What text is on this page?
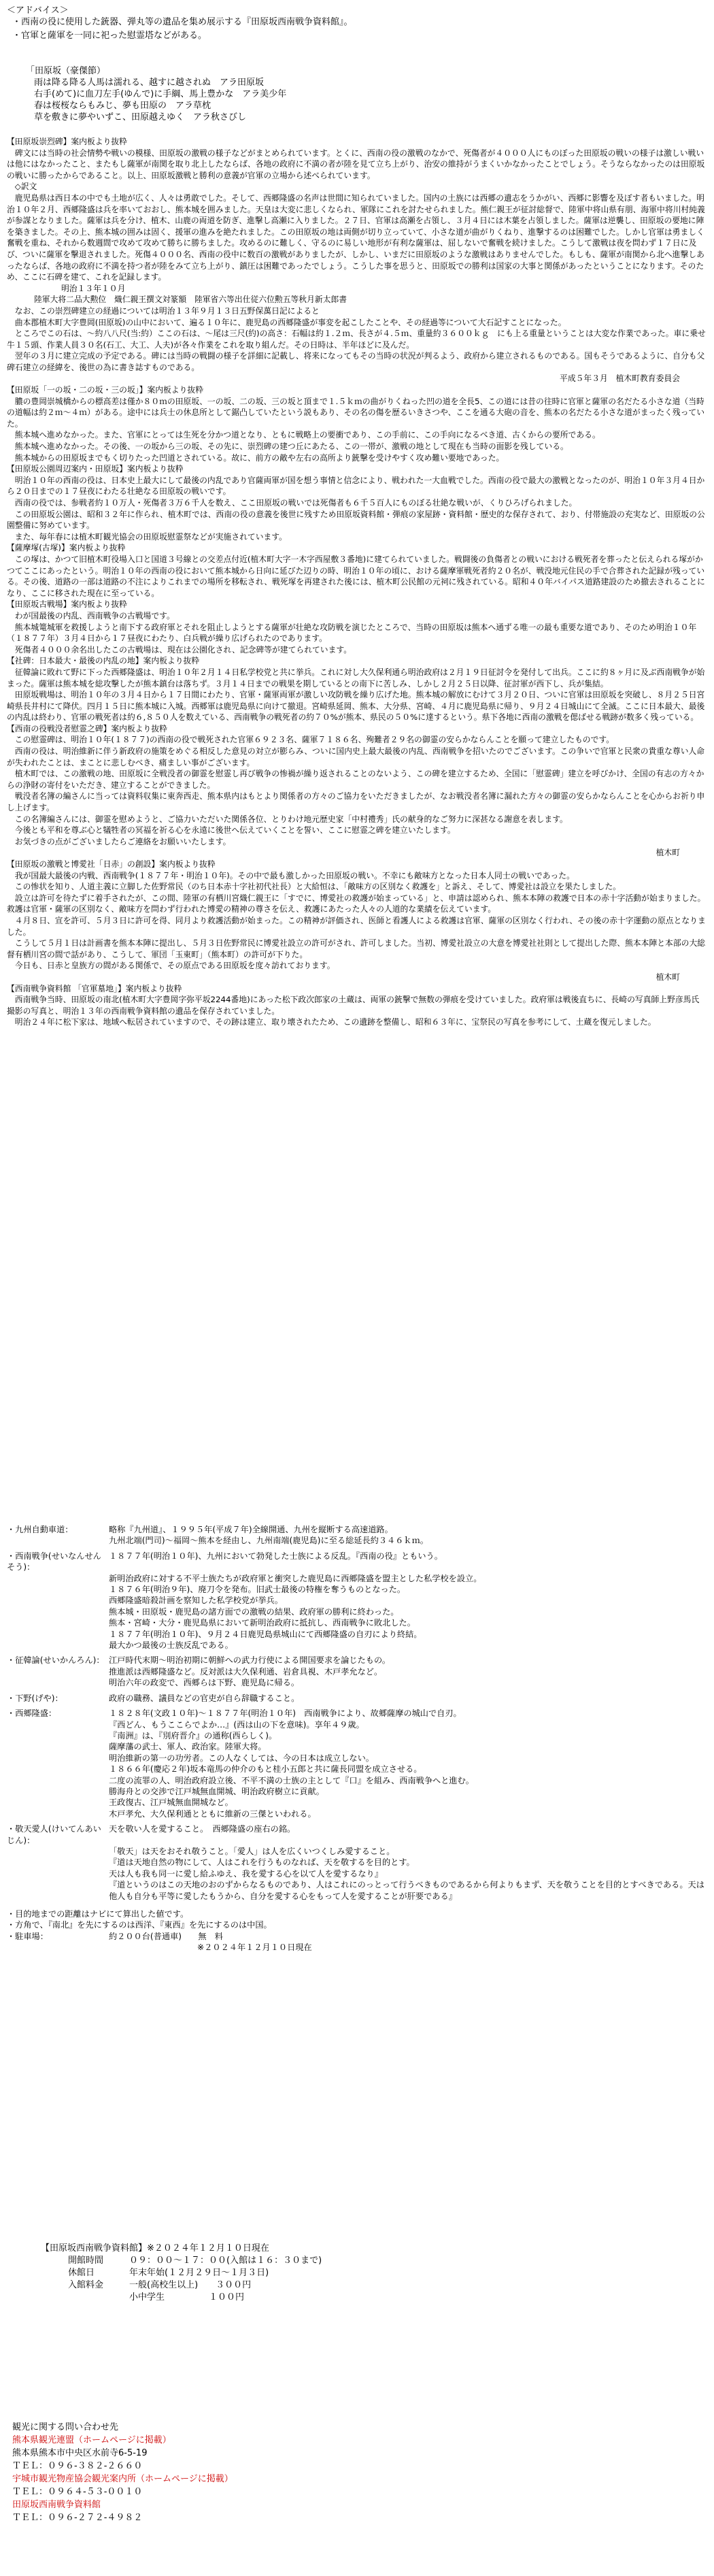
＜アドバイス＞
・西南の役に使用した銃器、弾丸等の遺品を集め展示する『田原坂西南戦争資料館』。
・官軍と薩軍を一同に祀った慰霊塔などがある。
「田原坂（豪傑節）
雨は降る降る人馬は濡れる、越すに越されぬ　アラ田原坂
右手(めて)に血刀左手(ゆんで)に手綱、馬上豊かな　アラ美少年
春は桜桜ならもみじ、夢も田原の　アラ草枕
草を敷きに夢やいずこ、田原越えゆく　アラ秋さびし
【田原坂崇烈碑】案内板より抜粋

碑文には当時の社会情勢や戦いの模様、田原坂の激戦の様子などがまとめられています。とくに、西南の役の激戦のなかで、死傷者が４０００人にものぼった田原坂の戦いの様子は激しい戦いは他にはなかったこと、またもし薩軍が南関を取り北上したならば、各地の政府に不満の者が陸を見て立ち上がり、治安の維持がうまくいかなかったことでしょう。そうならなかったのは田原坂の戦いに勝ったからであること。以上、田原坂激戦と勝利の意義が官軍の立場から述べられています。

◇訳文

鹿児島県は西日本の中でも土地が広く、人々は勇敢でした。そして、西郷隆盛の名声は世間に知られていました。国内の土族には西郷の遺志をうかがい、西郷に影響を及ぼす者もいました。明治１０年２月、西郷隆盛は兵を率いておおし、熊本城を囲みました。天皇は大変に悲しくなられ、軍隊にこれを討たせられました。熊仁親王が征討総督で、陸軍中将山県有朋、海軍中将川村純義が参謀となりました。薩軍は兵を分け、植木、山鹿の両道を防ぎ、進撃し高瀬に入りました。２７日、官軍は高瀬を占領し、３月４日には木葉を占領しました。薩軍は逆襲し、田原坂の要地に陣を築きました。その上、熊本城の囲みは固く、援軍の進みを絶たれました。この田原坂の地は両側が切り立っていて、小さな道が曲がりくねり、進撃するのは困難でした。しかし官軍は勇ましく奮戦を重ね、それから数週間で攻めて攻めて勝ちに勝ちました。攻めるのに難しく、守るのに易しい地形が有利な薩軍は、屈しないで奮戦を続けました。こうして激戦は夜を問わず１７日に及び、ついに薩軍を撃退されました。死傷４０００名、西南の役中に数百の激戦がありましたが、しかし、いまだに田原坂のような激戦はありませんでした。もしも、薩軍が南関から北へ進撃しあったならば、各地の政府に不満を持つ者が陸をみて立ち上がり、鎮圧は困難であったでしょう。こうした事を思うと、田原坂での勝利は国家の大事と関係があったということになります。そのため、ここに石碑を建て、これを記録します。

明治１３年１０月

陸軍大将二品大勲位　熾仁親王撰文対篆額　陸軍省六等出仕従六位勲五等秋月新太郎書

なお、この崇烈碑建立の経過については明治１３年９月１３日五野保萬日記によると

曲本郡植木町大字豊岡(田原坂)の山中において、遍る１０年に、鹿児島の西郷隆盛が事変を起こしたことや、その経過等について大石記すことになった。

ところでこの石は、〜約八八尺(当:約）ここの石は、〜尾は三尺(約)の高さ：石幅は約１.２ｍ、長さが４.５ｍ、重量約３６００ｋｇ　にも上る重量ということは大変な作業であった。車に乗せ牛１５頭、作業人員３０名(石工、大工、人夫)が各々作業をこれを取り組んだ。その日時は、半年ほどに及んだ。

翌年の３月に建立完成の予定である。碑には当時の戦闘の様子を詳細に記載し、将来になってもその当時の状況が判るよう、政府から建立されるものである。国もそうであるように、自分も父碑石建立の経緯を、後世の為に書き誌すものである。

平成５年３月　植木町教育委員会

【田原坂「一の坂・二の坂・三の坂」】案内板より抜粋

膿の豊岡崇城橋からの標高差は僅か８０ｍの田原坂、一の坂、二の坂、三の坂と頂まで１.５ｋｍの曲がりくねった凹の道を全長5、この道には昔の往時に官軍と薩軍の名だたる小さな道（当時の道幅は約２ｍ〜４ｍ）がある。途中には兵士の休息所として鋸凸していたという説もあり、その名の傷を歴るいきさつや、ここを通る大砲の音を、熊本の名だたる小さな道がまったく残っていた。

熊本城へ進めなかった。また、官軍にとっては生死を分かつ道となり、ともに戦略上の要衝であり、この手前に、この手向になるべき道、古くからの要所である。

熊本城へ進めなかった。その後、一の坂から三の坂、その先に、崇烈碑の建つ丘にあたる、この一帯が、激戦の地として現在も当時の面影を残している。

熊本城からの田原坂までもく切りたった凹道とされている。故に、前方の敵や左右の高所より銃撃を受けやすく攻め難い要地であった。

【田原坂公園周辺案内・田原坂】案内板より抜粋

明治１０年の西南の役は、日本史上最大にして最後の内乱であり官薩両軍が国を想う事情と信念により、戦われた一大血戦でした。西南の役で最大の激戦となったのが、明治１０年３月４日から２０日までの１７昼夜にわたる壮絶なる田原坂の戦いです。

西南の役では、参戦者約１０万人・死傷者３万６千人を数え、ここ田原坂の戦いでは死傷者も６千５百人にものぼる壮絶な戦いが、くりひろげられました。

この田原坂公園は、昭和３２年に作られ、植木町では、西南の役の意義を後世に残すため田原坂資料館・弾痕の家屋跡・資料館・歴史的な保存されて、おり、付帯施設の充実など、田原坂の公園整備に努めています。

また、毎年春には植木町観光協会の田原坂慰霊祭などが実施されています。

【薩摩塚(古塚)】案内板より抜粋

この塚は、かつて旧植木町役場入口と国道３号線との交差点付近(植木町大字一木字西屋敷３番地)に建てられていました。戦闘後の負傷者との戦いにおける戦死者を葬ったと伝えられる塚がかつてここにあったという。明治１０年の西南の役において熊本城から日向に延びた辺りの時、明治１０年の頃に、おける薩摩軍戦死者約２０名が、戦没地元住民の手で合葬された記録が残っている。その後、道路の一部は道路の不注によりこれまでの場所を移転され、戦死塚を再建された後には、植木町公民館の元祠に残されている。昭和４０年バイパス道路建設のため撤去されることになり、ここに移された現在に至っている。

【田原坂古戦場】案内板より抜粋

わが国最後の内乱、西南戦争の古戦場です。

熊本城篭城軍を救援しようと南下する政府軍とそれを阻止しようとする薩軍が壮絶な攻防戦を演じたところで、当時の田原坂は熊本へ通ずる唯一の最も重要な道であり、そのため明治１０年（１８７７年）３月４日から１７昼夜にわたり、白兵戦が繰り広げられたのであります。

死傷者４０００余名出したこの古戦場は、現在は公園化され、記念碑等が建てられています。

【社碑：日本最大・最後の内乱の地】案内板より抜粋

征韓論に敗れて野に下った西郷隆盛は、明治１０年２月１４日私学校党と共に挙兵。これに対し大久保利通ら明治政府は２月１９日征討令を発付して出兵。ここに約８ヶ月に及ぶ西南戦争が始まった。薩軍は熊本城を総攻撃したが熊本鎮台は落ちず。３月１４日までの戦果を期しているとの南下に苦しみ、しかし２月２５日以降、征討軍が西下し、兵が集結。

田原坂戦場は、明治１０年の３月４日から１７日間にわたり、官軍・薩軍両軍が激しい攻防戦を繰り広げた地。熊本城の解放にむけて３月２０日、ついに官軍は田原坂を突破し、８月２５日宮崎県長井村にて降伏。四月１５日に熊本城に入城。西郷軍は鹿児島県に向けて撤退。宮崎県延岡、熊本、大分県、宮崎、４月に鹿児島県に帰り、９月２４日城山にて全滅。ここに日本最大、最後の内乱は終わり、官軍の戦死者は約６,８５０人を数えている、西南戦争の戦死者の約７０%が熊本、県民の５０%に達するという。県下各地に西南の激戦を偲ばせる戦跡が数多く残っている。

【西南の役戦没者慰霊之碑】案内板より抜粋

この慰霊碑は、明治１０年(１８７７)の西南の役で戦死された官軍６９２３名、薩軍７１８６名、殉難者２９名の御霊の安らかならんことを願って建立したものです。

西南の役は、明治維新に伴う新政府の施策をめぐる相反した意見の対立が膨らみ、ついに国内史上最大最後の内乱、西南戦争を招いたのでございます。この争いで官軍と民衆の貴重な尊い人命が失われたことは、まことに悲しむべき、痛ましい事がございます。

植木町では、この激戦の地、田原坂に全戦没者の御霊を慰霊し再び戦争の惨禍が繰り返されることのないよう、この碑を建立するため、全国に「慰霊碑」建立を呼びかけ、全国の有志の方々からの浄財の寄付をいただき、建立することができました。

戦没者名簿の編さんに当っては資料収集に東奔西走、熊本県内はもとより関係者の方々のご協力をいただきましたが、なお戦没者名簿に漏れた方々の御霊の安らかならんことを心からお祈り申し上げます。

この名簿編さんには、御霊を慰めようと、ご協力いただいた関係各位、とりわけ地元歴史家「中村禮秀」氏の献身的なご努力に深甚なる謝意を表します。

今後とも平和を尊ぶ心と犠牲者の冥福を祈る心を永遠に後世へ伝えていくことを誓い、ここに慰霊之碑を建立いたします。

お気づきの点がございましたらご連絡をお願いいたします。

植木町

【田原坂の激戦と博愛社「日赤」の創設】案内板より抜粋

我が国最大最後の内戦、西南戦争(１８７７年・明治１０年)。その中で最も激しかった田原坂の戦い。不幸にも敵味方となった日本人同士の戦いであった。

この惨状を知り、人道主義に立脚した佐野常民（のち日本赤十字社初代社長）と大給恒は、「敵味方の区別なく救護を」と訴え、そして、博愛社は設立を果たしました。

設立は許可を待たずに着手されたが、この間、陸軍の有栖川宮熾仁親王に「すでに、博愛社の救護が始まっている」と、申請は認められ、熊本本陣の救護で日本の赤十字活動が始まりました。救護は官軍・薩軍の区別なく、敵味方を問わず行われた博愛の精神の尊さを伝え、救護にあたった人々の人道的な業績を伝えています。

４月８日、宣を許可、５月３日に許可を得、同月より救護活動が始まった。この精神が評価され、医師と看護人による救護は官軍、薩軍の区別なく行われ、その後の赤十字運動の原点となりました。

こうして５月１日は計画書を熊本本陣に提出し、５月３日佐野常民に博愛社設立の許可がされ、許可しました。当初、博愛社設立の大意を博愛社社則として提出した際、熊本本陣と本部の大総督有栖川宮の間で話があり、こうして、軍団「玉東町」（熊本町）の許可が下りた。

今日も、日赤と皇族方の間がある関係で、その原点である田原坂を度々訪れております。

植木町

【西南戦争資料館 「官軍墓地」】案内板より抜粋

西南戦争当時、田原坂の南北(植木町大字豊岡字弥平坂2244番地)にあった松下政次郎家の土蔵は、両軍の銃撃で無数の弾痕を受けていました。政府軍は戦後直ちに、長崎の写真師上野彦馬氏撮影の写真と、明治１３年の西南戦争資料館の遺品を保存されていました。

明治２４年に松下家は、地域へ転居されていますので、その跡は建立、取り壊されたため、この遺跡を整備し、昭和６３年に、宝祭民の写真を参考にして、土蔵を復元しました。

・九州自動車道：	略称『九州道』、１９９５年(平成７年)全線開通、九州を縦断する高速道路。
九州北端(門司)〜福岡〜熊本を経由し、九州南端(鹿児島)に至る総延長約３４６ｋｍ。
・西南戦争(せいなんせんそう)：
１８７７年(明治１０年)、九州において勃発した士族による反乱。『西南の役』ともいう。
新明治政府に対する不平士族たちが政府軍と衝突した鹿児島に西郷隆盛を盟主とした私学校を設立。
１８７６年(明治９年)、廃刀令を発布。旧武士最後の特権を奪うものとなった。
西郷隆盛暗殺計画を察知した私学校党が挙兵。
熊本城・田原坂・鹿児島の諸方面での激戦の結果、政府軍の勝利に終わった。
熊本・宮崎・大分・鹿児島県において新明治政府に抵抗し、西南戦争に敗北した。
１８７７年(明治１０年)、９月２４日鹿児島県城山にて西郷隆盛の自刃により終結。
最大かつ最後の士族反乱である。
・征韓論(せいかんろん)： 江戸時代末期〜明治初期に朝鮮への武力行使による開国要求を論じたもの。
推進派は西郷隆盛など。反対派は大久保利通、岩倉具視、木戸孝允など。
明治六年の政変で、西郷らは下野、鹿児島に帰る。
・下野(げや)：	政府の職務、議員などの官吏が自ら辞職すること。
・西郷隆盛：	１８２８年(文政１０年)〜１８７７年(明治１０年)　西南戦争により、故郷薩摩の城山で自刃。
『西どん、もうここらでよか…』(西は山の下を意味)。享年４９歳。
『南洲』は、『別府晋介』の通称(西らしく)。
薩摩藩の武士、軍人、政治家。陸軍大将。
明治維新の第一の功労者。この人なくしては、今の日本は成立しない。
１８６６年(慶応２年)坂本竜馬の仲介のもと桂小五郎と共に薩長同盟を成立させる。
二度の流罪の人、明治政府設立後、不平不満の士族の主として『口』を組み、西南戦争へと進む。
勝海舟との交渉で江戸城無血開城、明治政府樹立に貢献。
王政復古、江戸城無血開城など。
木戸孝允、大久保利通とともに維新の三傑といわれる。
・敬天愛人(けいてんあいじん)：
天を敬い人を愛すること。　西郷隆盛の座右の銘。
「敬天」は天をおそれ敬うこと。「愛人」は人を広くいつくしみ愛すること。
『道は天地自然の物にして、人はこれを行うものなれば、天を敬するを目的とす。
天は人も我も同一に愛し給ふゆえ、我を愛する心を以て人を愛するなり』
『道というのはこの天地のおのずからなるものであり、人はこれにのっとって行うべきものであるから何よりもまず、天を敬うことを目的とすべきである。天は他人も自分も平等に愛したもうから、自分を愛する心をもって人を愛することが肝要である』
・目的地までの距離はナビにて算出した値です。
・方角で、『南北』を先にするのは西洋、『東西』を先にするのは中国。
・駐車場：	約２００台(普通車)　　無　料
※２０２４年１２月１０日現在
【田原坂西南戦争資料館】※２０２４年１２月１０日現在
開館時間	０９：００〜１７：００(入館は１６：３０まで)
休館日	年末年始(１２月２９日〜１月３日)
入館料金	一般(高校生以上)　　３００円
小中学生　　　　　１００円
観光に関する問い合わせ先
熊本県観光連盟（ホームページに掲載）
熊本県熊本市中央区水前寺6-5-19
ＴＥＬ：０９６-３８２-２６６０
宇城市観光物産協会観光案内所（ホームページに掲載）
ＴＥＬ：０９６４-５３-００１０
田原坂西南戦争資料館
ＴＥＬ：０９６-２７２-４９８２
